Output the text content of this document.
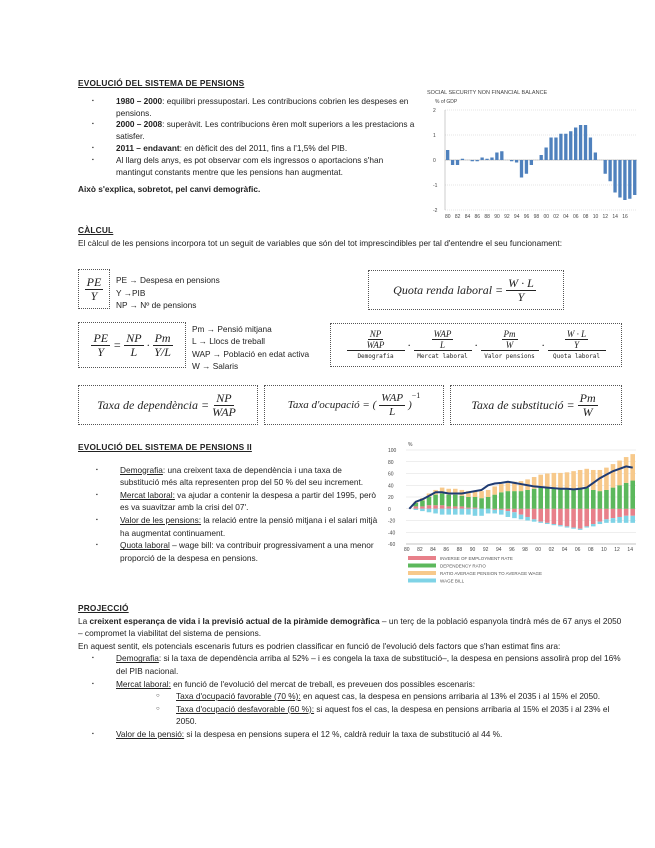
EVOLUCIÓ DEL SISTEMA DE PENSIONS
▪ 1980 – 2000: equilibri pressupostari. Les contribucions cobrien les despeses en pensions.
▪ 2000 – 2008: superàvit. Les contribucions èren molt superiors a les prestacions a satisfer.
▪ 2011 – endavant: en dèficit des del 2011, fins a l'1,5% del PIB.
▪ Al llarg dels anys, es pot observar com els ingressos o aportacions s'han mantingut constants mentre que les pensions han augmentat.
Això s'explica, sobretot, pel canvi demogràfic.
SOCIAL SECURITY NON FINANCIAL BALANCE
% of GDP
2
1
0
-1
-2
80 82 84 86 88 90 92 94 96 98 00 02 04 06 08 10 12 14 16
CÀLCUL
El càlcul de les pensions incorpora tot un seguit de variables que són del tot imprescindibles per tal d'entendre el seu funcionament:
$\frac{PE}{Y}$ PE → Despesa en pensions
Y →PIB
NP → Nº de pensions
Quota renda laboral = $\frac{W \cdot L}{Y}$
$\frac{PE}{Y} = \frac{NP}{L} \cdot \frac{Pm}{Y/L}$
Pm → Pensió mitjana
L → Llocs de treball
WAP → Població en edat activa
W → Salaris
$\frac{NP}{\text{WAP}}$
Demografia
· $\frac{\text{WAP}}{L}$
Mercat laboral
·	$\frac{Pm}{W}$
Valor pensions
· $\frac{W \cdot L}{Y}$
Quota laboral
Taxa de dependència = $\frac{NP}{\text{WAP}}$	Taxa d'ocupació = ( $\frac{\text{WAP}}{L}$ )
$^{-1}$
Taxa de substitució = $\frac{Pm}{W}$
EVOLUCIÓ DEL SISTEMA DE PENSIONS II
▪ Demografia: una creixent taxa de dependència i una taxa de substitució més alta representen prop del 50 % del seu increment.
▪ Mercat laboral: va ajudar a contenir la despesa a partir del 1995, però es va suavitzar amb la crisi del 07'.
▪ Valor de les pensions: la relació entre la pensió mitjana i el salari mitjà ha augmentat continuament.
▪ Quota laboral – wage bill: va contribuir progressivament a una menor proporció de la despesa en pensions.
%
100
80
60
40
20
0
-20
-40
-60
80 82 84 86 88 90 92 94 96 98 00 02 04 06 08 10 12 14
INVERSE OF EMPLOYMENT RATE
DEPENDENCY RATIO
RATIO AVERAGE PENSION TO AVERAGE WAGE
WAGE BILL
PROJECCIÓ
La creixent esperança de vida i la previsió actual de la piràmide demogràfica – un terç de la població espanyola tindrà més de 67 anys el 2050 – compromet la viabilitat del sistema de pensions.
En aquest sentit, els potencials escenaris futurs es podrien classificar en funció de l'evolució dels factors que s'han estimat fins ara:
▪ Demografia: si la taxa de dependència arriba al 52% – i es congela la taxa de substitució–, la despesa en pensions assolirà prop del 16% del PIB nacional.
▪ Mercat laboral: en funció de l'evolució del mercat de treball, es preveuen dos possibles escenaris:
○ Taxa d'ocupació favorable (70 %): en aquest cas, la despesa en pensions arribaria al 13% el 2035 i al 15% el 2050.
○ Taxa d'ocupació desfavorable (60 %): si aquest fos el cas, la despesa en pensions arribaria al 15% el 2035 i al 23% el 2050.
▪ Valor de la pensió: si la despesa en pensions supera el 12 %, caldrà reduir la taxa de substitució al 44 %.
